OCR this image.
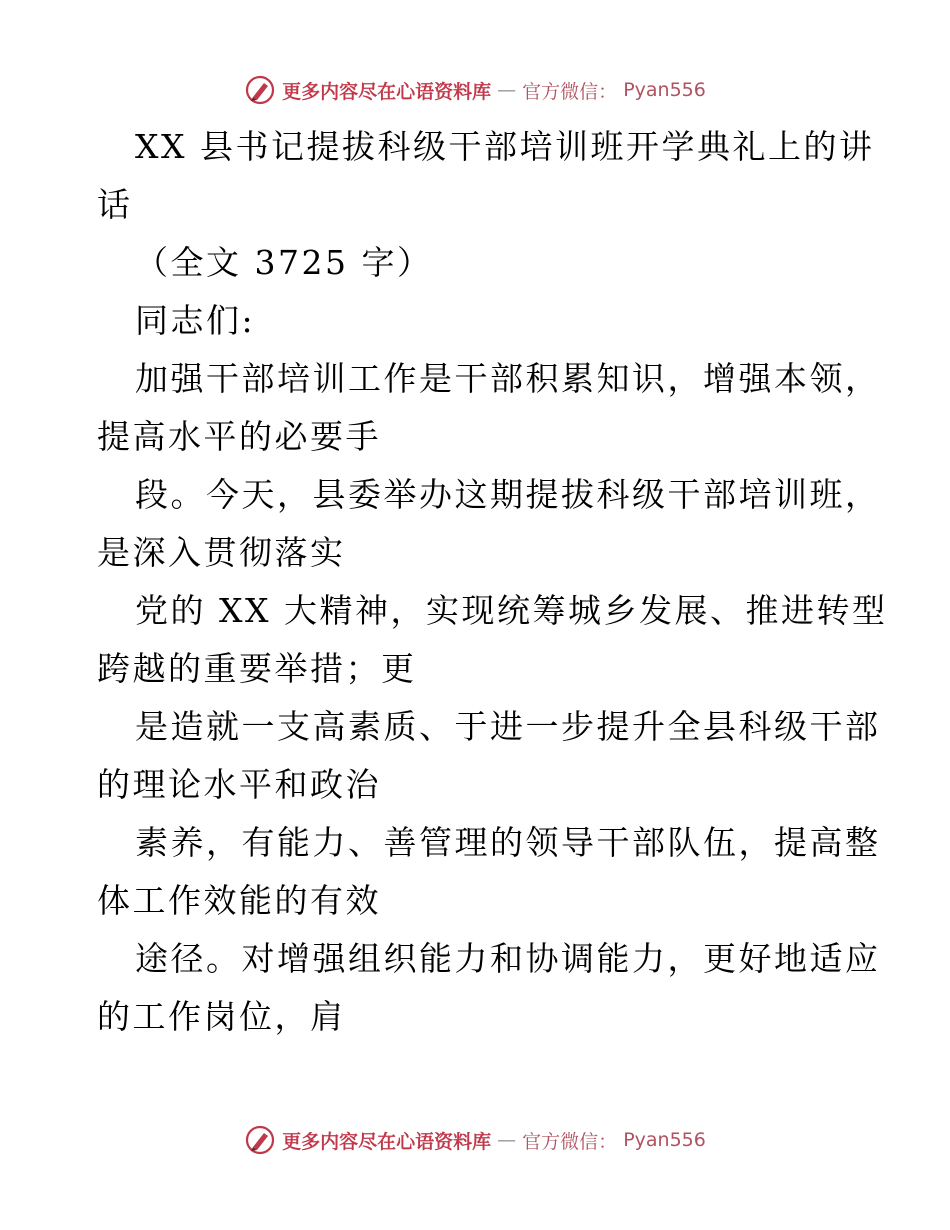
更多内容尽在心语资料库 — 官方微信： Pyan556
XX 县书记提拔科级干部培训班开学典礼上的讲
话
（全文 3725 字）
同志们:
加强干部培训工作是干部积累知识，增强本领，
提高水平的必要手
段。今天，县委举办这期提拔科级干部培训班，
是深入贯彻落实
党的 XX 大精神，实现统筹城乡发展、推进转型
跨越的重要举措；更
是造就一支高素质、于进一步提升全县科级干部
的理论水平和政治
素养，有能力、善管理的领导干部队伍，提高整
体工作效能的有效
途径。对增强组织能力和协调能力，更好地适应
的工作岗位，肩
更多内容尽在心语资料库 — 官方微信： Pyan556
